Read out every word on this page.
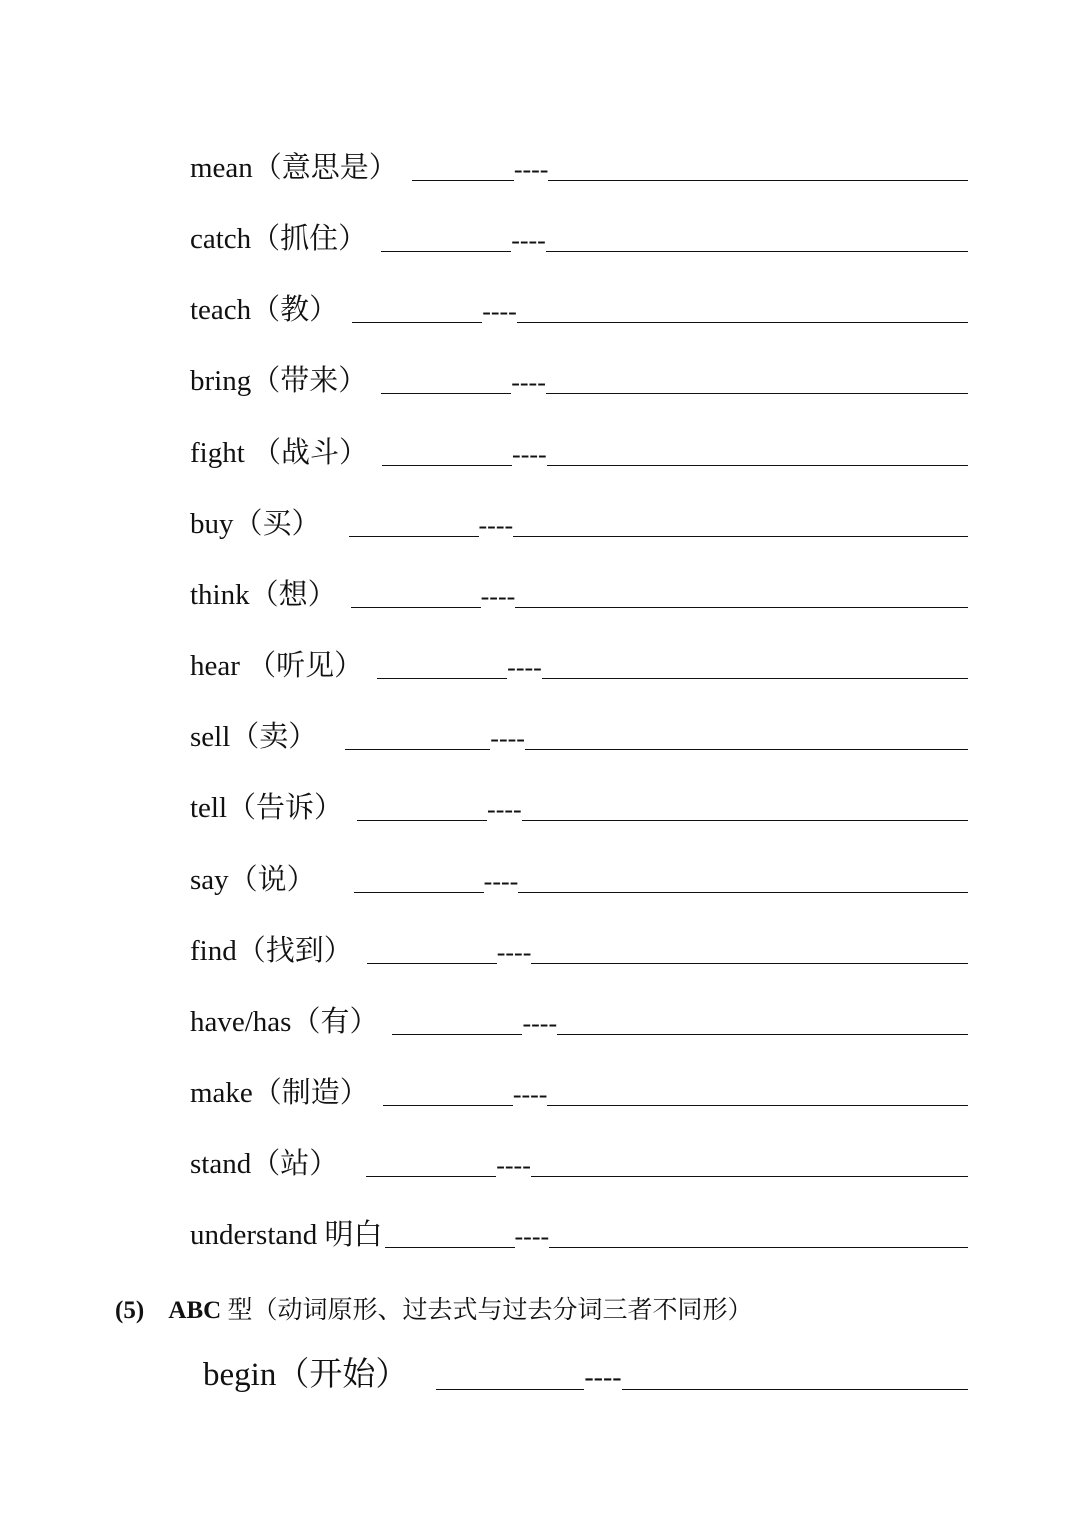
mean（意思是）	----
catch（抓住）	----
teach（教）	----
bring（带来）	----
fight （战斗）	----
buy（买）	----
think（想）	----
hear （听见）	----
sell（卖）	----
tell（告诉）	----
say（说）	----
find（找到）	----
have/has（有）	----
make（制造）	----
stand（站）	----
understand 明白	----
(5) ABC 型（动词原形、过去式与过去分词三者不同形）
begin（开始）	----
